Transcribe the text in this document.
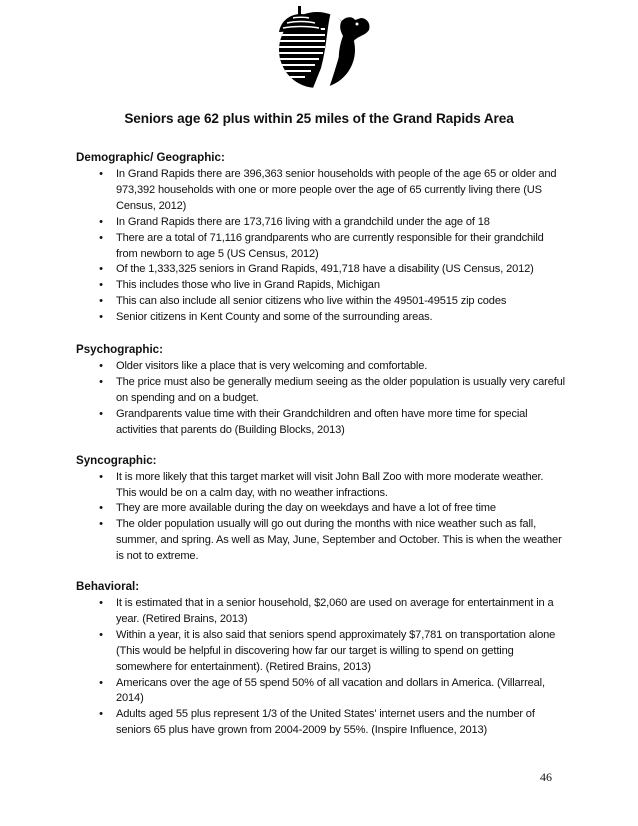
Seniors age 62 plus within 25 miles of the Grand Rapids Area

Demographic/ Geographic:

• In Grand Rapids there are 396,363 senior households with people of the age 65 or older and 973,392 households with one or more people over the age of 65 currently living there (US Census, 2012)
• In Grand Rapids there are 173,716 living with a grandchild under the age of 18
• There are a total of 71,116 grandparents who are currently responsible for their grandchild from newborn to age 5 (US Census, 2012)
• Of the 1,333,325 seniors in Grand Rapids, 491,718 have a disability (US Census, 2012)
• This includes those who live in Grand Rapids, Michigan
• This can also include all senior citizens who live within the 49501-49515 zip codes
• Senior citizens in Kent County and some of the surrounding areas.

Psychographic:

• Older visitors like a place that is very welcoming and comfortable.
• The price must also be generally medium seeing as the older population is usually very careful on spending and on a budget.
• Grandparents value time with their Grandchildren and often have more time for special activities that parents do (Building Blocks, 2013)

Syncographic:

• It is more likely that this target market will visit John Ball Zoo with more moderate weather. This would be on a calm day, with no weather infractions.
• They are more available during the day on weekdays and have a lot of free time
• The older population usually will go out during the months with nice weather such as fall, summer, and spring. As well as May, June, September and October. This is when the weather is not to extreme.

Behavioral:

• It is estimated that in a senior household, $2,060 are used on average for entertainment in a year. (Retired Brains, 2013)
• Within a year, it is also said that seniors spend approximately $7,781 on transportation alone (This would be helpful in discovering how far our target is willing to spend on getting somewhere for entertainment). (Retired Brains, 2013)
• Americans over the age of 55 spend 50% of all vacation and dollars in America. (Villarreal, 2014)
• Adults aged 55 plus represent 1/3 of the United States' internet users and the number of seniors 65 plus have grown from 2004-2009 by 55%. (Inspire Influence, 2013)
46
